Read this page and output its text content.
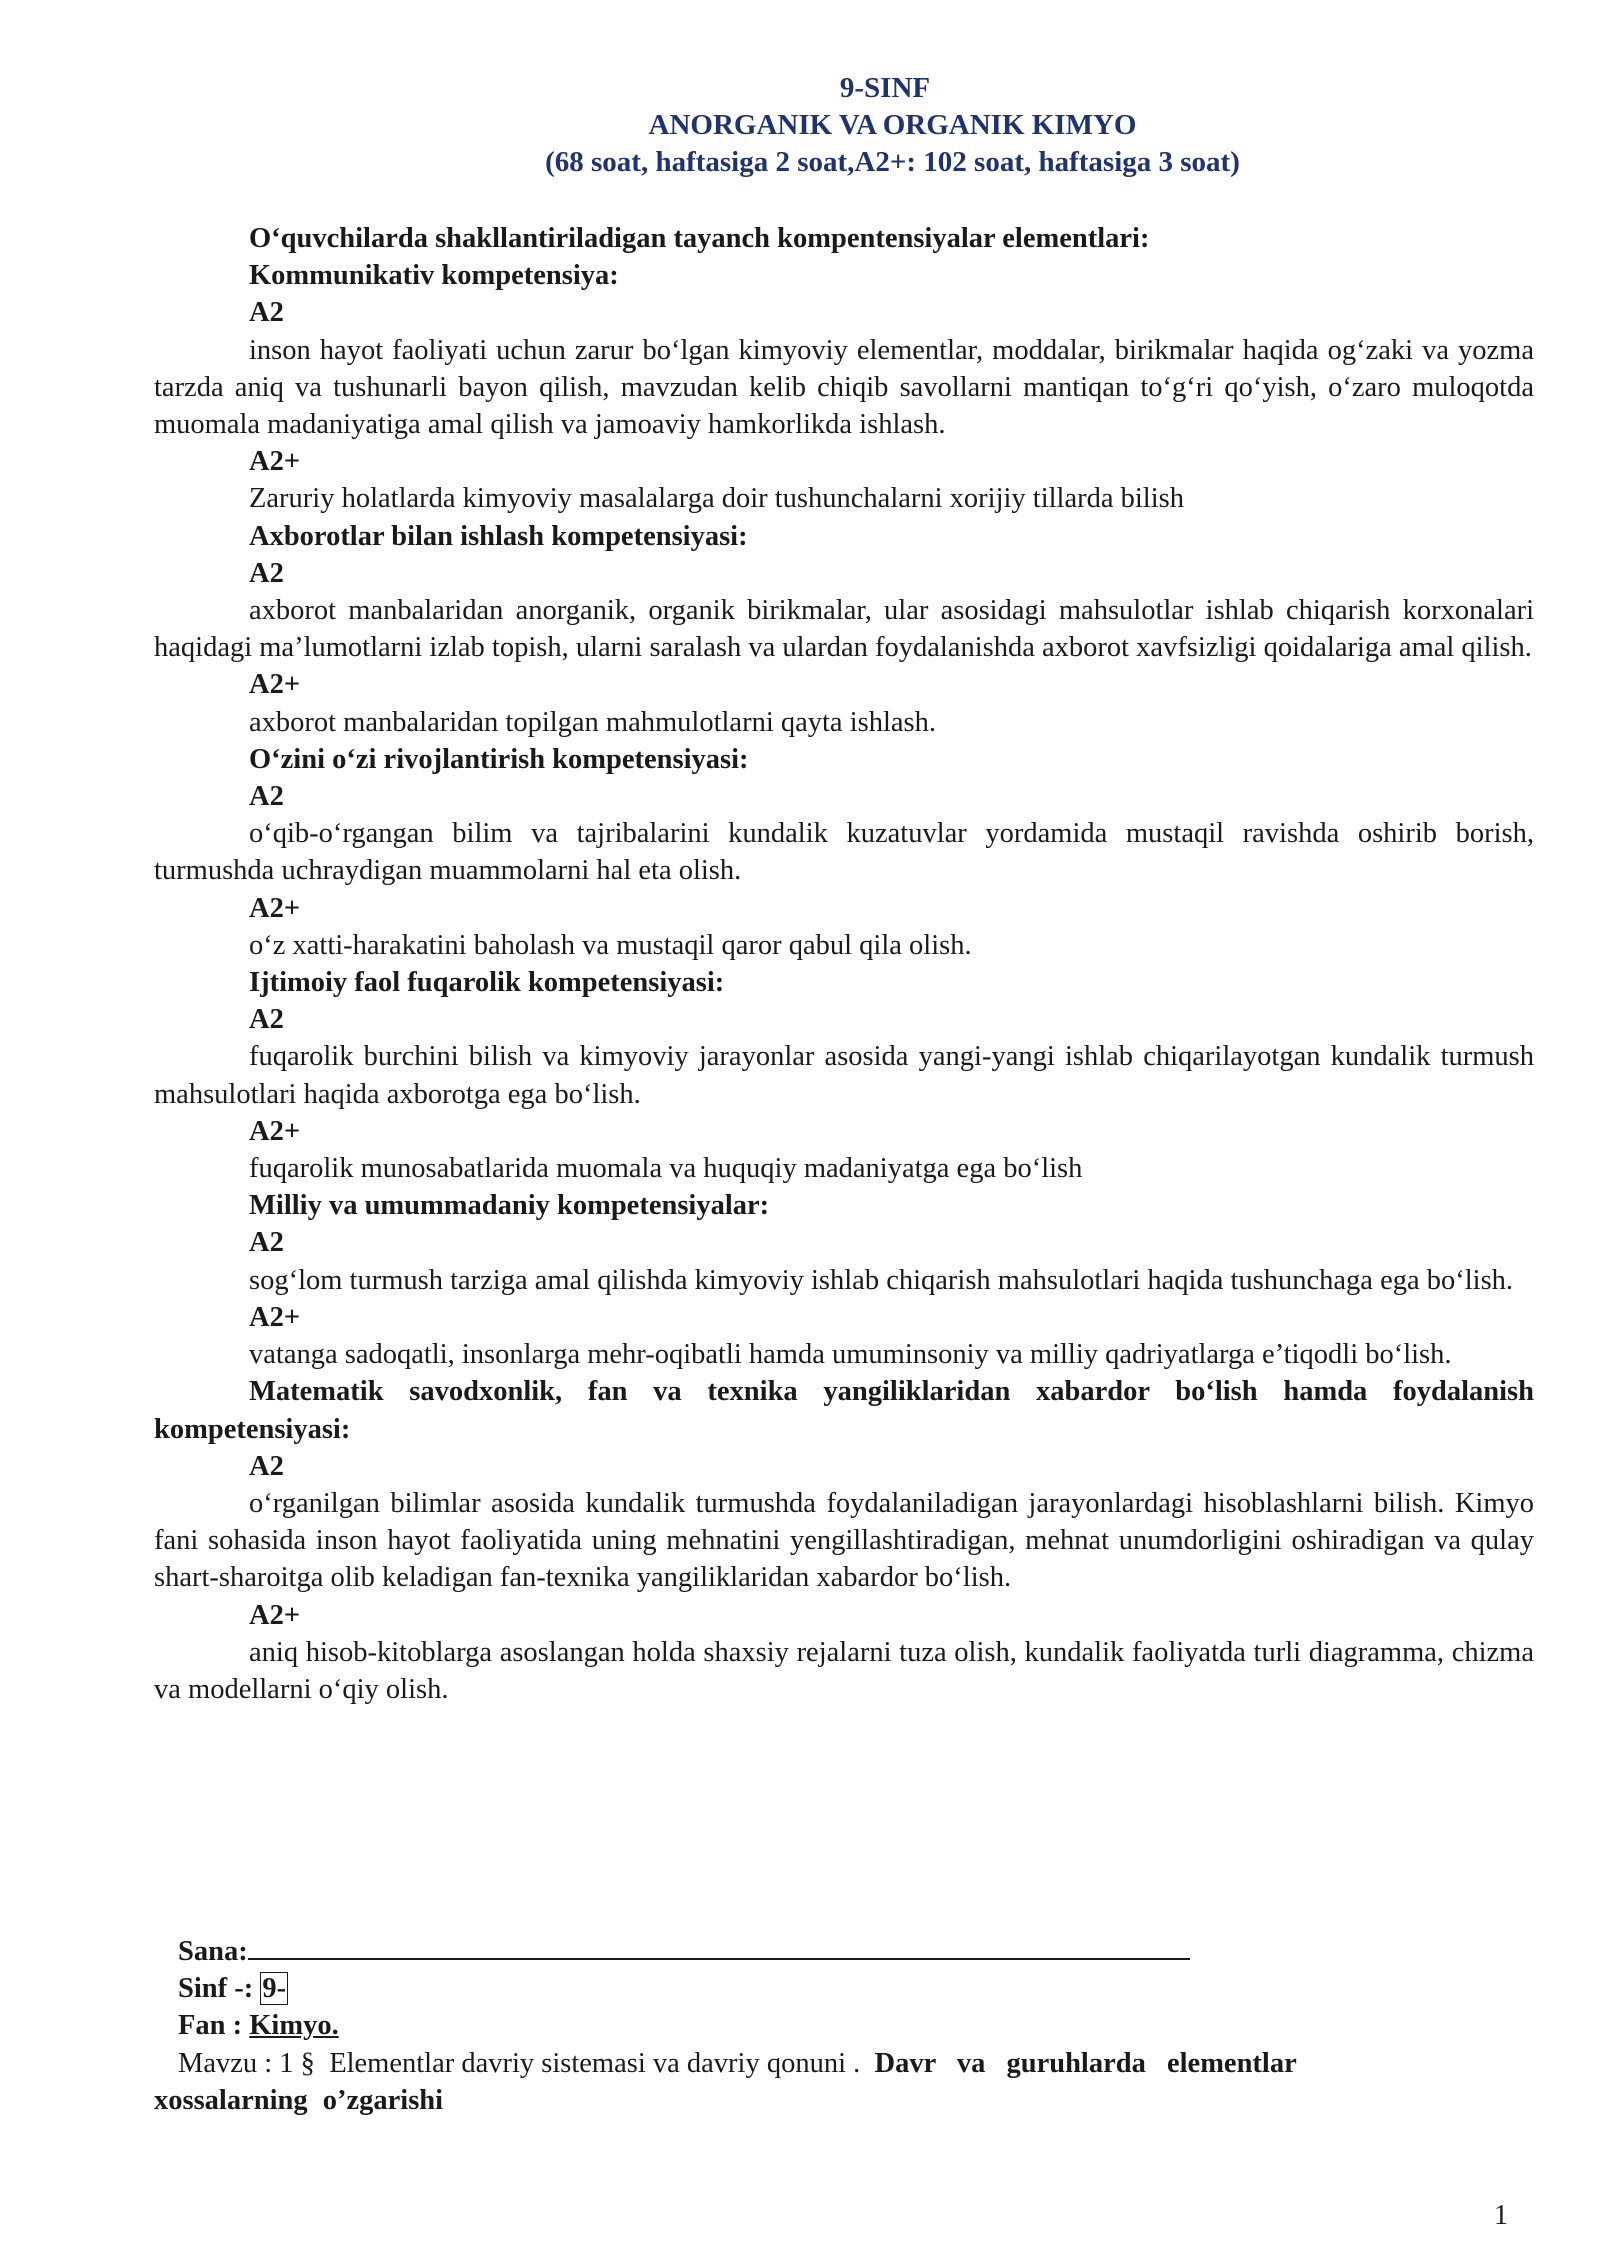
9-SINF
ANORGANIK VA ORGANIK KIMYO
(68 soat, haftasiga 2 soat,A2+: 102 soat, haftasiga 3 soat)

O‘quvchilarda shakllantiriladigan tayanch kompentensiyalar elementlari:

Kommunikativ kompetensiya:

A2

inson hayot faoliyati uchun zarur bo‘lgan kimyoviy elementlar, moddalar, birikmalar haqida og‘zaki va yozma tarzda aniq va tushunarli bayon qilish, mavzudan kelib chiqib savollarni mantiqan to‘g‘ri qo‘yish, o‘zaro muloqotda muomala madaniyatiga amal qilish va jamoaviy hamkorlikda ishlash.

A2+

Zaruriy holatlarda kimyoviy masalalarga doir tushunchalarni xorijiy tillarda bilish

Axborotlar bilan ishlash kompetensiyasi:

A2

axborot manbalaridan anorganik, organik birikmalar, ular asosidagi mahsulotlar ishlab chiqarish korxonalari haqidagi ma’lumotlarni izlab topish, ularni saralash va ulardan foydalanishda axborot xavfsizligi qoidalariga amal qilish.

A2+

axborot manbalaridan topilgan mahmulotlarni qayta ishlash.

O‘zini o‘zi rivojlantirish kompetensiyasi:

A2

o‘qib-o‘rgangan bilim va tajribalarini kundalik kuzatuvlar yordamida mustaqil ravishda oshirib borish, turmushda uchraydigan muammolarni hal eta olish.

A2+

o‘z xatti-harakatini baholash va mustaqil qaror qabul qila olish.

Ijtimoiy faol fuqarolik kompetensiyasi:

A2

fuqarolik burchini bilish va kimyoviy jarayonlar asosida yangi-yangi ishlab chiqarilayotgan kundalik turmush mahsulotlari haqida axborotga ega bo‘lish.

A2+

fuqarolik munosabatlarida muomala va huquqiy madaniyatga ega bo‘lish

Milliy va umummadaniy kompetensiyalar:

A2

sog‘lom turmush tarziga amal qilishda kimyoviy ishlab chiqarish mahsulotlari haqida tushunchaga ega bo‘lish.

A2+

vatanga sadoqatli, insonlarga mehr-oqibatli hamda umuminsoniy va milliy qadriyatlarga e’tiqodli bo‘lish.

Matematik savodxonlik, fan va texnika yangiliklaridan xabardor bo‘lish hamda foydalanish kompetensiyasi:

A2

o‘rganilgan bilimlar asosida kundalik turmushda foydalaniladigan jarayonlardagi hisoblashlarni bilish. Kimyo fani sohasida inson hayot faoliyatida uning mehnatini yengillashtiradigan, mehnat unumdorligini oshiradigan va qulay shart-sharoitga olib keladigan fan-texnika yangiliklaridan xabardor bo‘lish.

A2+

aniq hisob-kitoblarga asoslangan holda shaxsiy rejalarni tuza olish, kundalik faoliyatda turli diagramma, chizma va modellarni o‘qiy olish.

Sana:

Sinf -: 9-

Fan : Kimyo.

Mavzu : 1 § Elementlar davriy sistemasi va davriy qonuni . Davr va guruhlarda elementlar

xossalarning o’zgarishi

1
